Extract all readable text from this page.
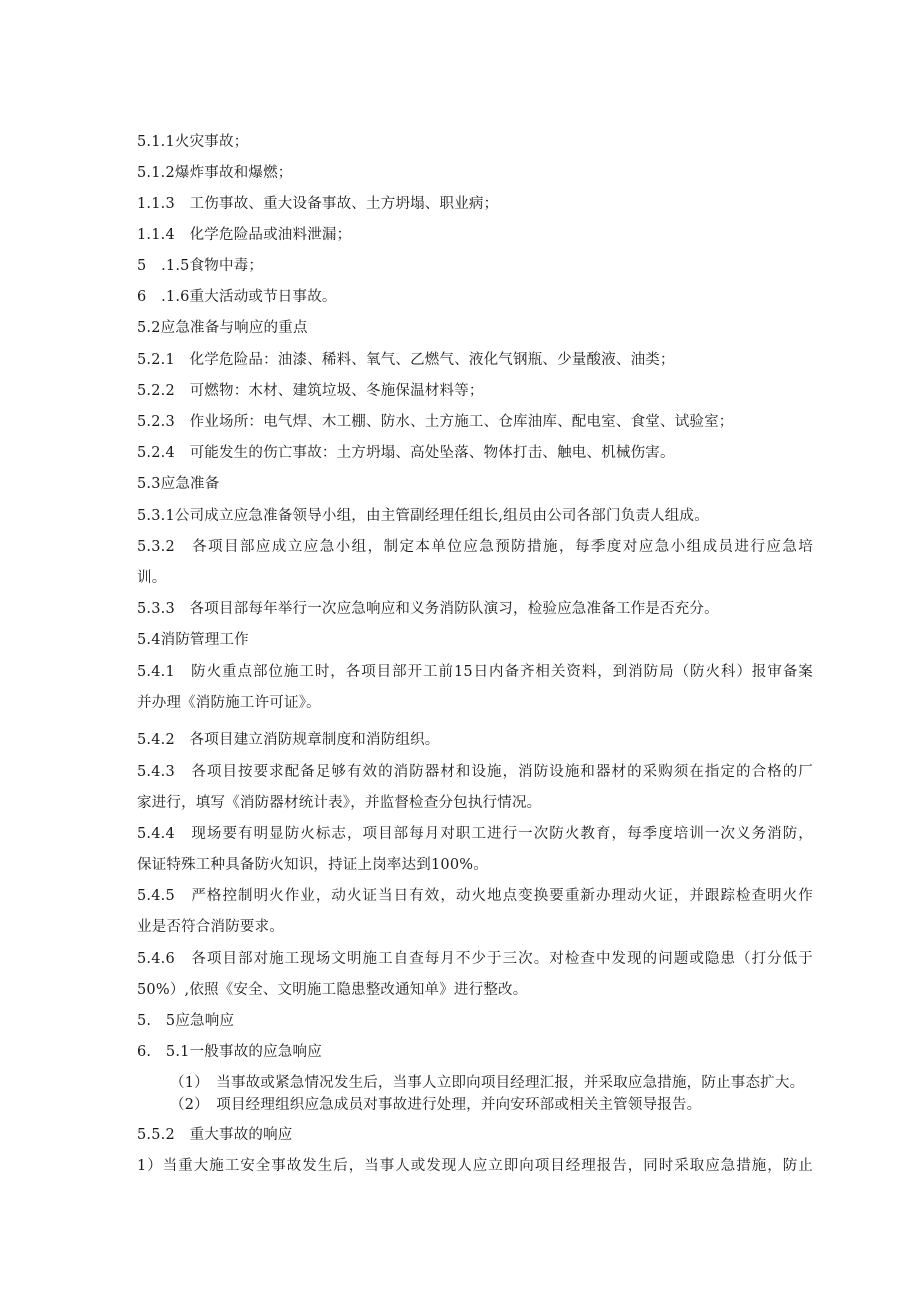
5.1.1火灾事故；
5.1.2爆炸事故和爆燃；
1.1.3　工伤事故、重大设备事故、土方坍塌、职业病；
1.1.4　化学危险品或油料泄漏；
5　.1.5食物中毒；
6　.1.6重大活动或节日事故。
5.2应急准备与响应的重点
5.2.1　化学危险品：油漆、稀料、氧气、乙燃气、液化气钢瓶、少量酸液、油类；
5.2.2　可燃物：木材、建筑垃圾、冬施保温材料等；
5.2.3　作业场所：电气焊、木工棚、防水、土方施工、仓库油库、配电室、食堂、试验室；
5.2.4　可能发生的伤亡事故：土方坍塌、高处坠落、物体打击、触电、机械伤害。
5.3应急准备
5.3.1公司成立应急准备领导小组，由主管副经理任组长,组员由公司各部门负责人组成。
5.3.2　各项目部应成立应急小组，制定本单位应急预防措施，每季度对应急小组成员进行应急培
训。
5.3.3　各项目部每年举行一次应急响应和义务消防队演习，检验应急准备工作是否充分。
5.4消防管理工作
5.4.1　防火重点部位施工时，各项目部开工前15日内备齐相关资料，到消防局（防火科）报审备案
并办理《消防施工许可证》。
5.4.2　各项目建立消防规章制度和消防组织。
5.4.3　各项目按要求配备足够有效的消防器材和设施，消防设施和器材的采购须在指定的合格的厂
家进行，填写《消防器材统计表》，并监督检查分包执行情况。
5.4.4　现场要有明显防火标志，项目部每月对职工进行一次防火教育，每季度培训一次义务消防，
保证特殊工种具备防火知识，持证上岗率达到100%。
5.4.5　严格控制明火作业，动火证当日有效，动火地点变换要重新办理动火证，并跟踪检查明火作
业是否符合消防要求。
5.4.6　各项目部对施工现场文明施工自查每月不少于三次。对检查中发现的问题或隐患（打分低于
50%）,依照《安全、文明施工隐患整改通知单》进行整改。
5.　5应急响应
6.　5.1一般事故的应急响应
（1）　当事故或紧急情况发生后，当事人立即向项目经理汇报，并采取应急措施，防止事态扩大。
（2）　项目经理组织应急成员对事故进行处理，并向安环部或相关主管领导报告。
5.5.2　重大事故的响应
1）当重大施工安全事故发生后，当事人或发现人应立即向项目经理报告，同时采取应急措施，防止
